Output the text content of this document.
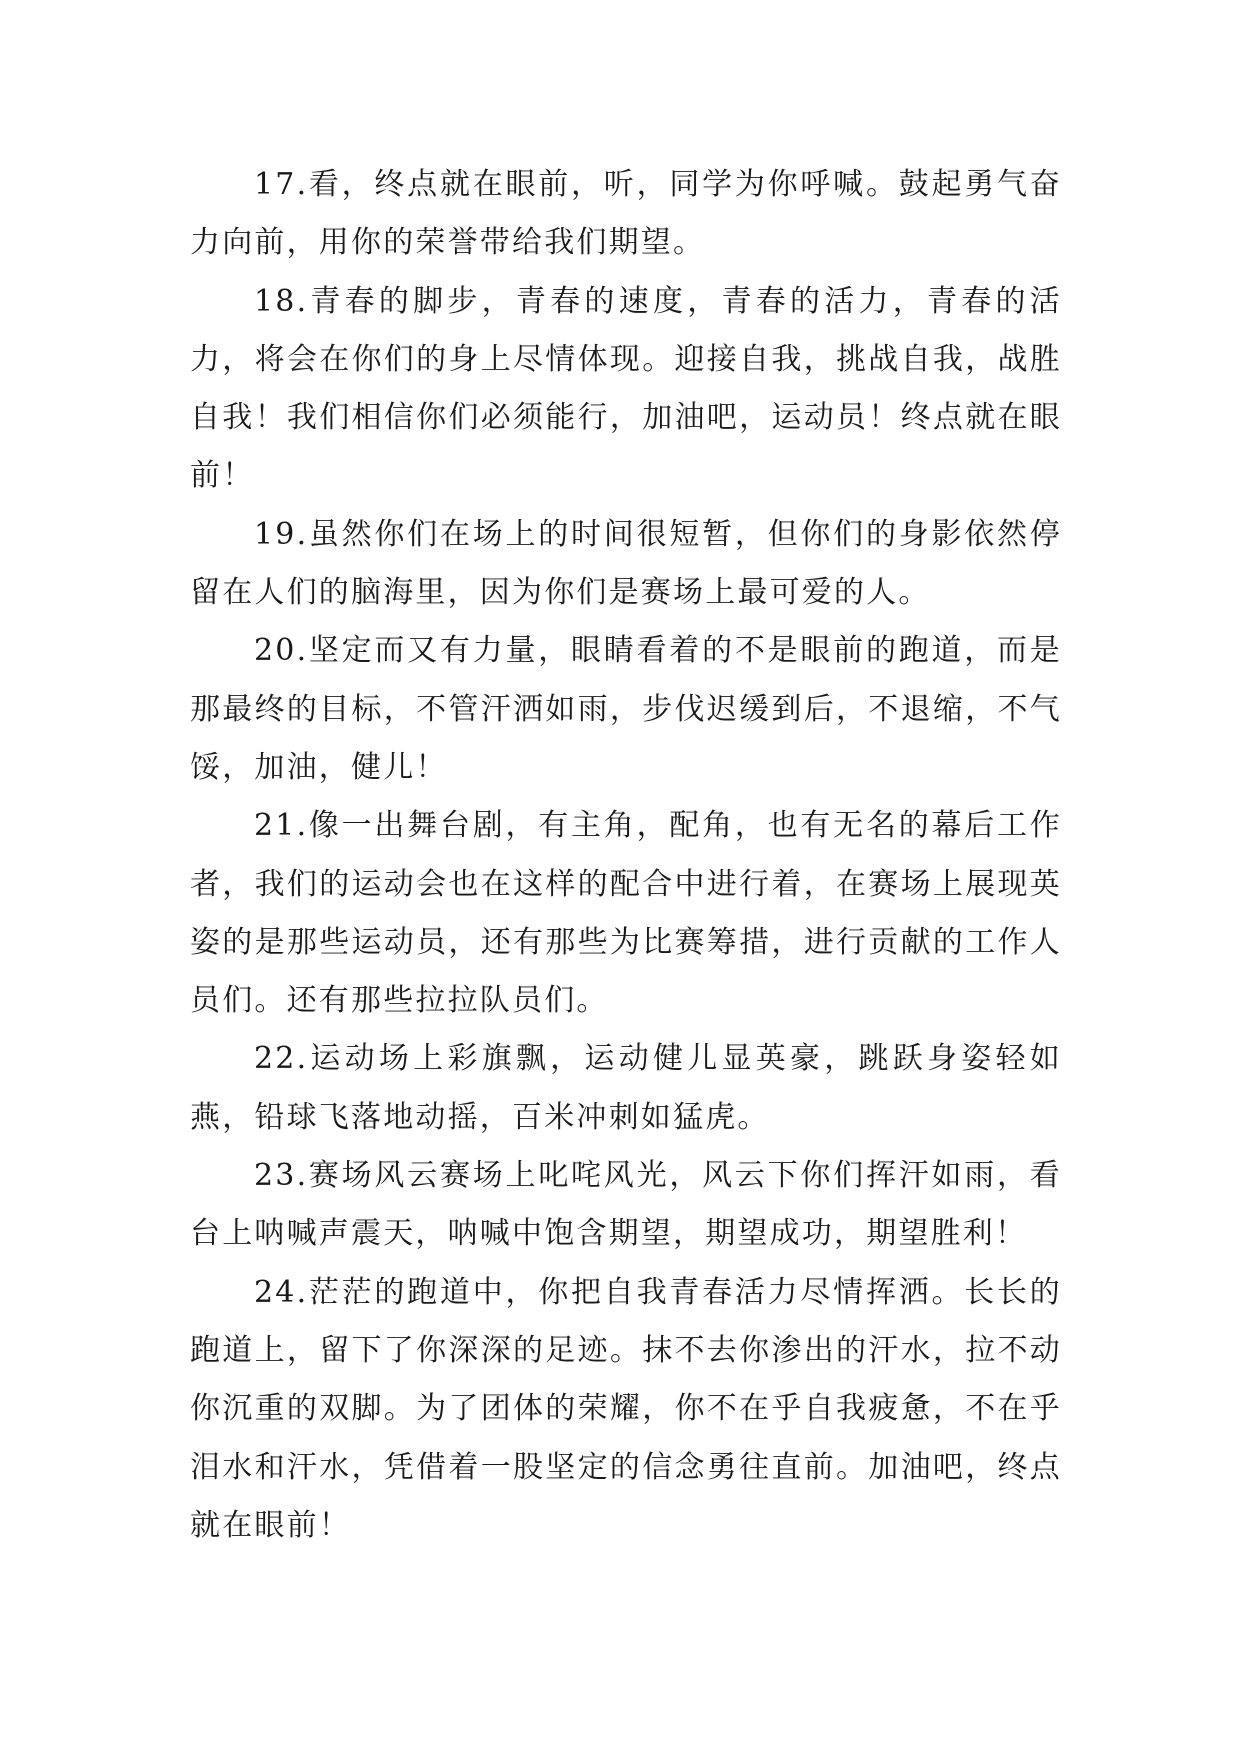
17.看，终点就在眼前，听，同学为你呼喊。鼓起勇气奋力向前，用你的荣誉带给我们期望。

18.青春的脚步，青春的速度，青春的活力，青春的活力，将会在你们的身上尽情体现。迎接自我，挑战自我，战胜自我！我们相信你们必须能行，加油吧，运动员！终点就在眼前！

19.虽然你们在场上的时间很短暂，但你们的身影依然停留在人们的脑海里，因为你们是赛场上最可爱的人。

20.坚定而又有力量，眼睛看着的不是眼前的跑道，而是那最终的目标，不管汗洒如雨，步伐迟缓到后，不退缩，不气馁，加油，健儿！

21.像一出舞台剧，有主角，配角，也有无名的幕后工作者，我们的运动会也在这样的配合中进行着，在赛场上展现英姿的是那些运动员，还有那些为比赛筹措，进行贡献的工作人员们。还有那些拉拉队员们。

22.运动场上彩旗飘，运动健儿显英豪，跳跃身姿轻如燕，铅球飞落地动摇，百米冲刺如猛虎。

23.赛场风云赛场上叱咤风光，风云下你们挥汗如雨，看台上呐喊声震天，呐喊中饱含期望，期望成功，期望胜利！

24.茫茫的跑道中，你把自我青春活力尽情挥洒。长长的跑道上，留下了你深深的足迹。抹不去你渗出的汗水，拉不动你沉重的双脚。为了团体的荣耀，你不在乎自我疲惫，不在乎泪水和汗水，凭借着一股坚定的信念勇往直前。加油吧，终点就在眼前！
